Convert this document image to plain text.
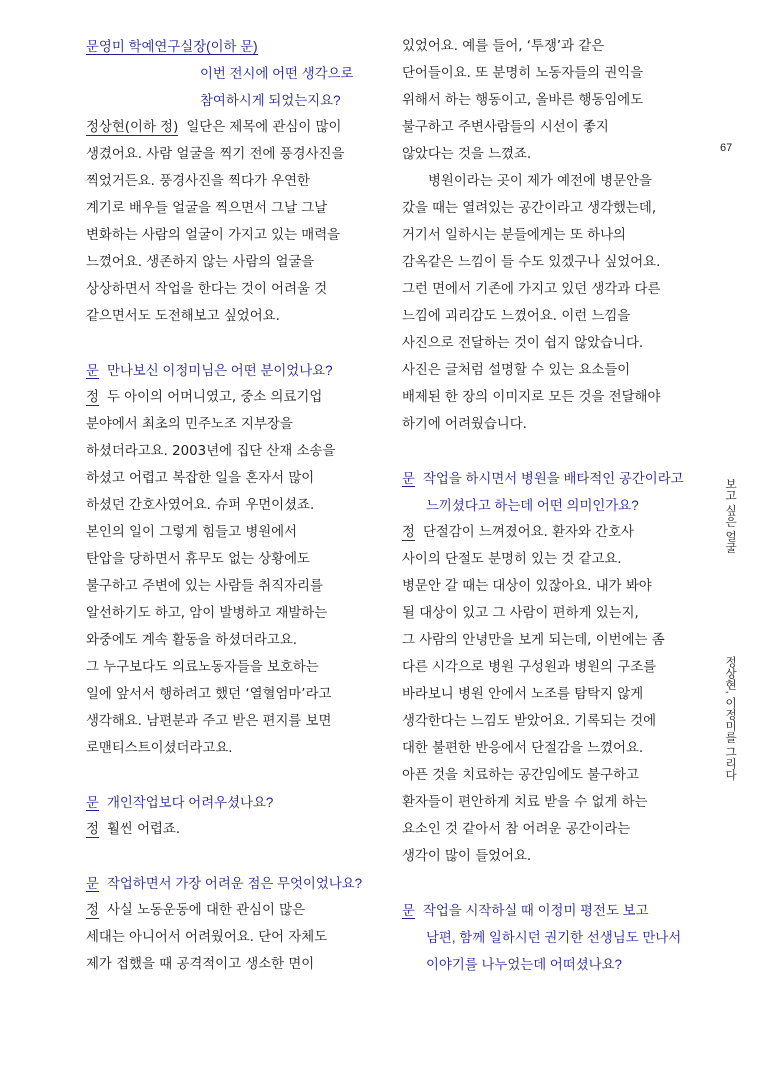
문영미 학예연구실장(이하 문)
이번 전시에 어떤 생각으로
참여하시게 되었는지요?
정상현(이하 정) 일단은 제목에 관심이 많이
생겼어요. 사람 얼굴을 찍기 전에 풍경사진을
찍었거든요. 풍경사진을 찍다가 우연한
계기로 배우들 얼굴을 찍으면서 그날 그날
변화하는 사람의 얼굴이 가지고 있는 매력을
느꼈어요. 생존하지 않는 사람의 얼굴을
상상하면서 작업을 한다는 것이 어려울 것
같으면서도 도전해보고 싶었어요.
문 만나보신 이정미님은 어떤 분이었나요?
정 두 아이의 어머니였고, 중소 의료기업
분야에서 최초의 민주노조 지부장을
하셨더라고요. 2003년에 집단 산재 소송을
하셨고 어렵고 복잡한 일을 혼자서 많이
하셨던 간호사였어요. 슈퍼 우먼이셨죠.
본인의 일이 그렇게 힘들고 병원에서
탄압을 당하면서 휴무도 없는 상황에도
불구하고 주변에 있는 사람들 취직자리를
알선하기도 하고, 암이 발병하고 재발하는
와중에도 계속 활동을 하셨더라고요.
그 누구보다도 의료노동자들을 보호하는
일에 앞서서 행하려고 했던 ‘열혈엄마’라고
생각해요. 남편분과 주고 받은 편지를 보면
로맨티스트이셨더라고요.
문 개인작업보다 어려우셨나요?
정 훨씬 어렵죠.
문 작업하면서 가장 어려운 점은 무엇이었나요?
정 사실 노동운동에 대한 관심이 많은
세대는 아니어서 어려웠어요. 단어 자체도
제가 접했을 때 공격적이고 생소한 면이
있었어요. 예를 들어, ‘투쟁’과 같은
단어들이요. 또 분명히 노동자들의 권익을
위해서 하는 행동이고, 올바른 행동임에도
불구하고 주변사람들의 시선이 좋지
않았다는 것을 느꼈죠.
병원이라는 곳이 제가 예전에 병문안을
갔을 때는 열려있는 공간이라고 생각했는데,
거기서 일하시는 분들에게는 또 하나의
감옥같은 느낌이 들 수도 있겠구나 싶었어요.
그런 면에서 기존에 가지고 있던 생각과 다른
느낌에 괴리감도 느꼈어요. 이런 느낌을
사진으로 전달하는 것이 쉽지 않았습니다.
사진은 글처럼 설명할 수 있는 요소들이
배제된 한 장의 이미지로 모든 것을 전달해야
하기에 어려웠습니다.
문 작업을 하시면서 병원을 배타적인 공간이라고
느끼셨다고 하는데 어떤 의미인가요?
정 단절감이 느껴졌어요. 환자와 간호사
사이의 단절도 분명히 있는 것 같고요.
병문안 갈 때는 대상이 있잖아요. 내가 봐야
될 대상이 있고 그 사람이 편하게 있는지,
그 사람의 안녕만을 보게 되는데, 이번에는 좀
다른 시각으로 병원 구성원과 병원의 구조를
바라보니 병원 안에서 노조를 탐탁지 않게
생각한다는 느낌도 받았어요. 기록되는 것에
대한 불편한 반응에서 단절감을 느꼈어요.
아픈 것을 치료하는 공간임에도 불구하고
환자들이 편안하게 치료 받을 수 없게 하는
요소인 것 같아서 참 어려운 공간이라는
생각이 많이 들었어요.
문 작업을 시작하실 때 이정미 평전도 보고
남편, 함께 일하시던 권기한 선생님도 만나서
이야기를 나누었는데 어떠셨나요?
67
보고 싶은 얼굴
정상현, 이정미를 그리다
